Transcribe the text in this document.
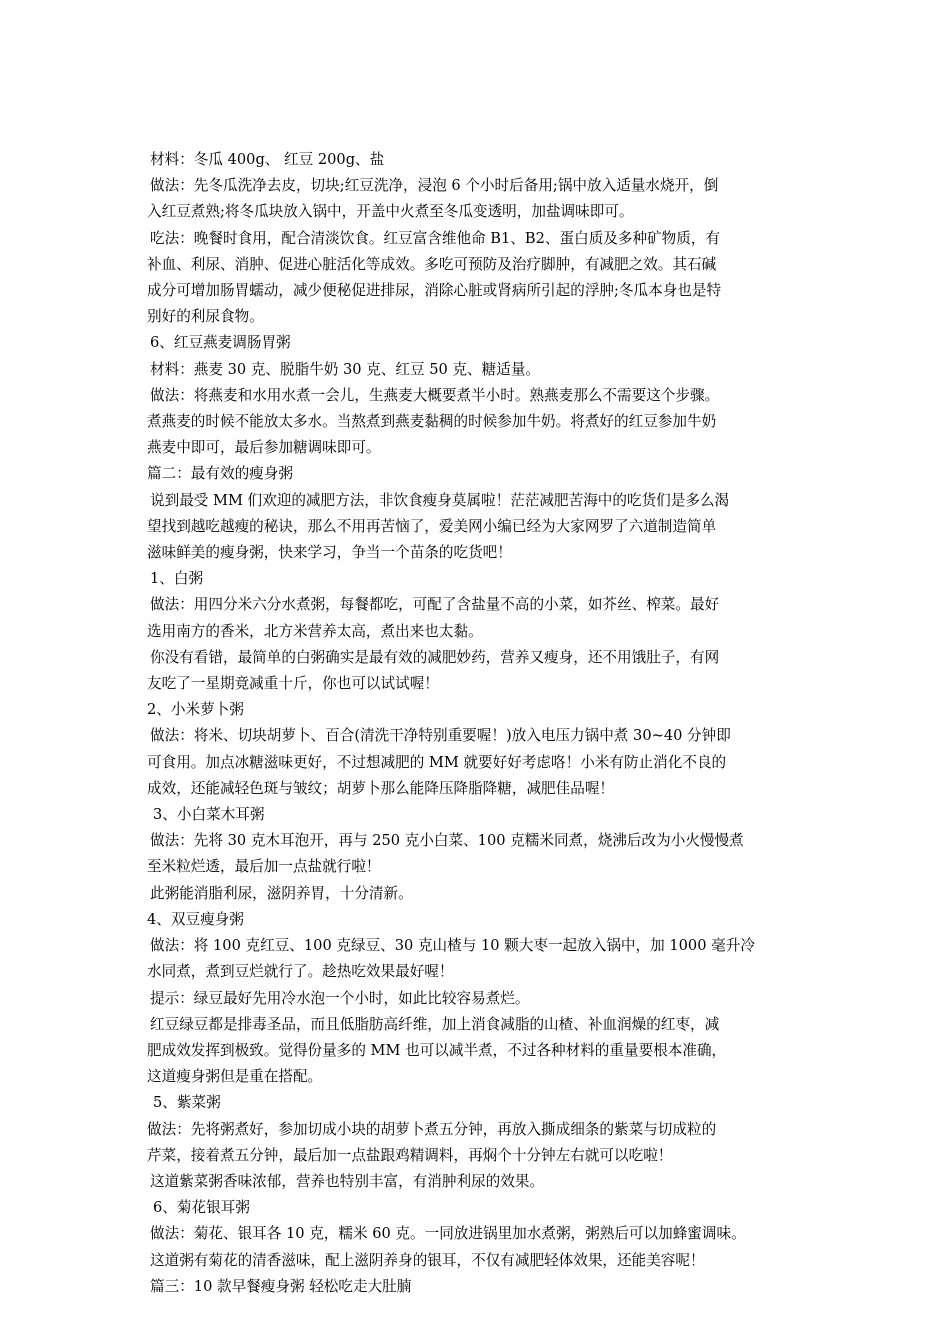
材料：冬瓜 400g、 红豆 200g、盐

做法：先冬瓜洗净去皮，切块;红豆洗净，浸泡 6 个小时后备用;锅中放入适量水烧开，倒

入红豆煮熟;将冬瓜块放入锅中，开盖中火煮至冬瓜变透明，加盐调味即可。

吃法：晚餐时食用，配合清淡饮食。红豆富含维他命 B1、B2、蛋白质及多种矿物质，有

补血、利尿、消肿、促进心脏活化等成效。多吃可预防及治疗脚肿，有减肥之效。其石碱

成分可增加肠胃蠕动，减少便秘促进排尿，消除心脏或肾病所引起的浮肿;冬瓜本身也是特

别好的利尿食物。

6、红豆燕麦调肠胃粥

材料：燕麦 30 克、脱脂牛奶 30 克、红豆 50 克、糖适量。

做法：将燕麦和水用水煮一会儿，生燕麦大概要煮半小时。熟燕麦那么不需要这个步骤。

煮燕麦的时候不能放太多水。当熬煮到燕麦黏稠的时候参加牛奶。将煮好的红豆参加牛奶

燕麦中即可，最后参加糖调味即可。

篇二：最有效的瘦身粥

说到最受 MM 们欢迎的减肥方法，非饮食瘦身莫属啦！茫茫减肥苦海中的吃货们是多么渴

望找到越吃越瘦的秘诀，那么不用再苦恼了，爱美网小编已经为大家网罗了六道制造简单

滋味鲜美的瘦身粥，快来学习，争当一个苗条的吃货吧！

1、白粥

做法：用四分米六分水煮粥，每餐都吃，可配了含盐量不高的小菜，如芥丝、榨菜。最好

选用南方的香米，北方米营养太高，煮出来也太黏。

你没有看错，最简单的白粥确实是最有效的减肥妙药，营养又瘦身，还不用饿肚子，有网

友吃了一星期竟减重十斤，你也可以试试喔！

2、小米萝卜粥

做法：将米、切块胡萝卜、百合(清洗干净特别重要喔！)放入电压力锅中煮 30~40 分钟即

可食用。加点冰糖滋味更好，不过想减肥的 MM 就要好好考虑咯！小米有防止消化不良的

成效，还能减轻色斑与皱纹；胡萝卜那么能降压降脂降糖，减肥佳品喔！

3、小白菜木耳粥

做法：先将 30 克木耳泡开，再与 250 克小白菜、100 克糯米同煮，烧沸后改为小火慢慢煮

至米粒烂透，最后加一点盐就行啦！

此粥能消脂利尿，滋阴养胃，十分清新。

4、双豆瘦身粥

做法：将 100 克红豆、100 克绿豆、30 克山楂与 10 颗大枣一起放入锅中，加 1000 毫升冷

水同煮，煮到豆烂就行了。趁热吃效果最好喔！

提示：绿豆最好先用冷水泡一个小时，如此比较容易煮烂。

红豆绿豆都是排毒圣品，而且低脂肪高纤维，加上消食减脂的山楂、补血润燥的红枣，减

肥成效发挥到极致。觉得份量多的 MM 也可以减半煮，不过各种材料的重量要根本准确，

这道瘦身粥但是重在搭配。

5、紫菜粥

做法：先将粥煮好，参加切成小块的胡萝卜煮五分钟，再放入撕成细条的紫菜与切成粒的

芹菜，接着煮五分钟，最后加一点盐跟鸡精调料，再焖个十分钟左右就可以吃啦！

这道紫菜粥香味浓郁，营养也特别丰富，有消肿利尿的效果。

6、菊花银耳粥

做法：菊花、银耳各 10 克，糯米 60 克。一同放进锅里加水煮粥，粥熟后可以加蜂蜜调味。

这道粥有菊花的清香滋味，配上滋阴养身的银耳，不仅有减肥轻体效果，还能美容呢！

篇三：10 款早餐瘦身粥 轻松吃走大肚腩
